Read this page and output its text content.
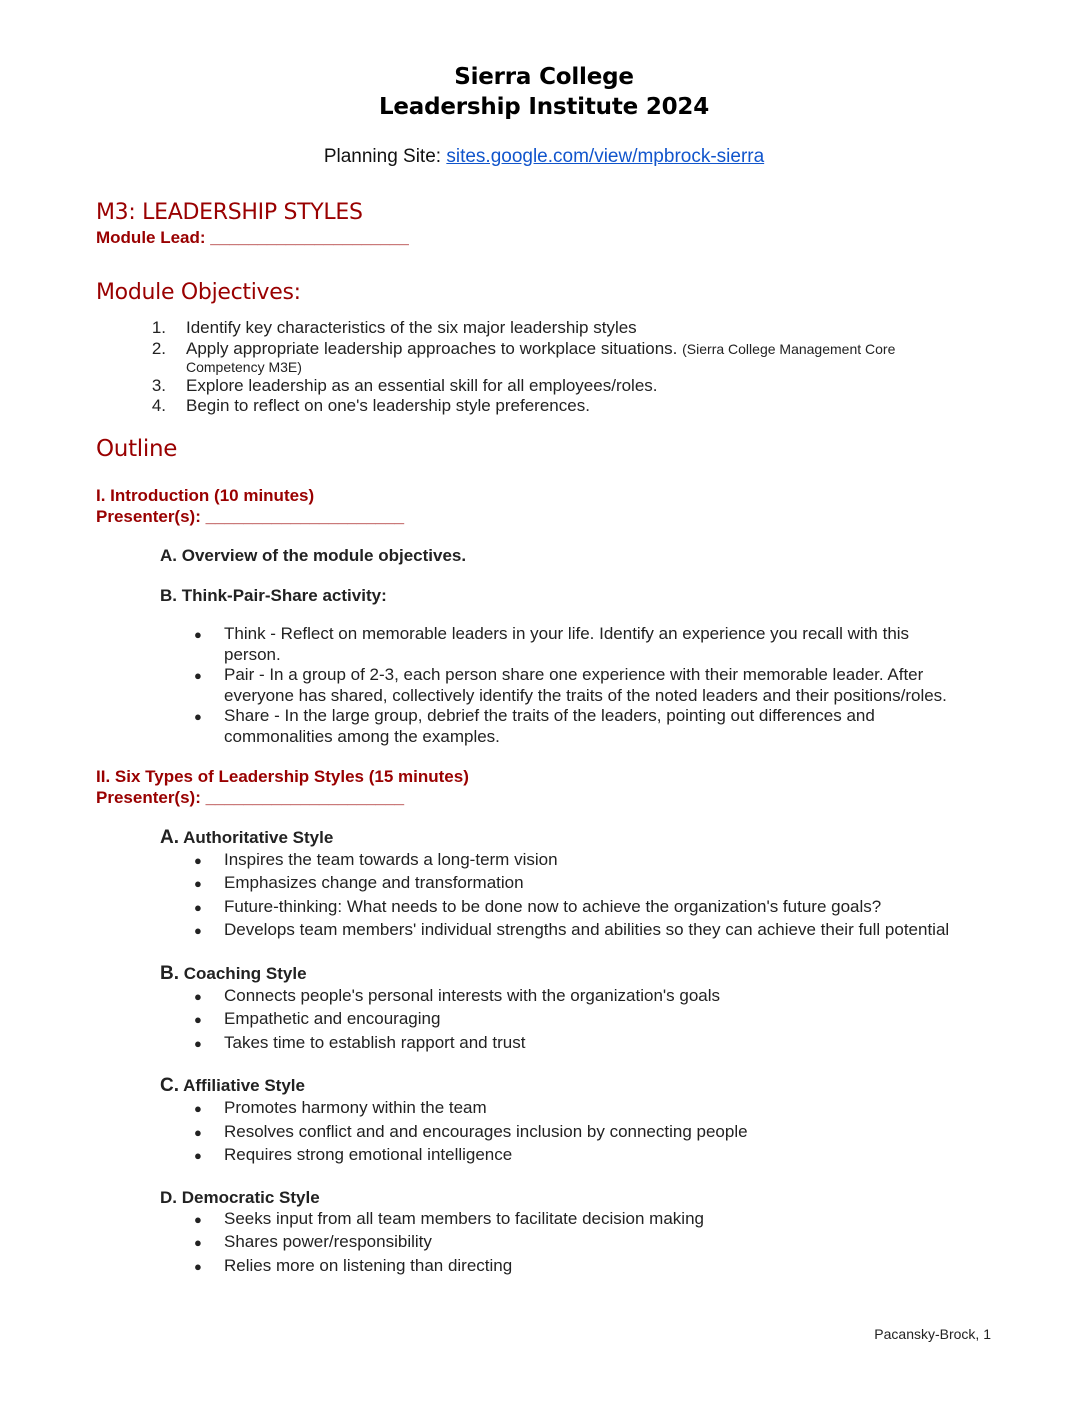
Sierra College
Leadership Institute 2024
Planning Site: sites.google.com/view/mpbrock-sierra
M3: LEADERSHIP STYLES
Module Lead: _____________________
Module Objectives:
1. Identify key characteristics of the six major leadership styles
2. Apply appropriate leadership approaches to workplace situations. (Sierra College Management Core
Competency M3E)
3. Explore leadership as an essential skill for all employees/roles.
4. Begin to reflect on one's leadership style preferences.
Outline
I. Introduction (10 minutes)
Presenter(s): _____________________
A. Overview of the module objectives.
B. Think-Pair-Share activity:
● Think - Reflect on memorable leaders in your life. Identify an experience you recall with this
person.
● Pair - In a group of 2-3, each person share one experience with their memorable leader. After
everyone has shared, collectively identify the traits of the noted leaders and their positions/roles.
● Share - In the large group, debrief the traits of the leaders, pointing out differences and
commonalities among the examples.
II. Six Types of Leadership Styles (15 minutes)
Presenter(s): _____________________
A. Authoritative Style
● Inspires the team towards a long-term vision
● Emphasizes change and transformation
● Future-thinking: What needs to be done now to achieve the organization's future goals?
● Develops team members' individual strengths and abilities so they can achieve their full potential
B. Coaching Style
● Connects people's personal interests with the organization's goals
● Empathetic and encouraging
● Takes time to establish rapport and trust
C. Affiliative Style
● Promotes harmony within the team
● Resolves conflict and and encourages inclusion by connecting people
● Requires strong emotional intelligence
D. Democratic Style
● Seeks input from all team members to facilitate decision making
● Shares power/responsibility
● Relies more on listening than directing
Pacansky-Brock, 1
